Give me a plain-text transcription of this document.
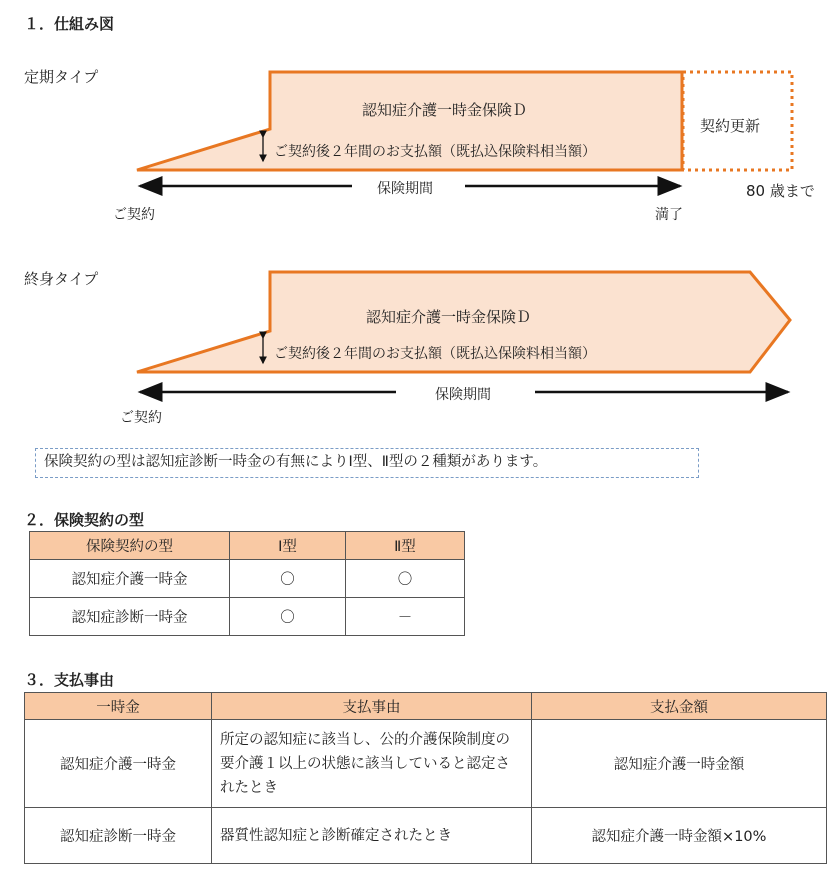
１．仕組み図
定期タイプ
認知症介護一時金保険Ｄ
ご契約後２年間のお支払額（既払込保険料相当額）
契約更新
80 歳まで
保険期間
ご契約	満了
終身タイプ
認知症介護一時金保険Ｄ
ご契約後２年間のお支払額（既払込保険料相当額）
保険期間
ご契約
保険契約の型は認知症診断一時金の有無によりⅠ型、Ⅱ型の２種類があります。
２．保険契約の型
保険契約の型	Ⅰ型	Ⅱ型
認知症介護一時金	〇	〇
認知症診断一時金	〇	－
３．支払事由
一時金	支払事由	支払金額
認知症介護一時金	所定の認知症に該当し、公的介護保険制度の要介護１以上の状態に該当していると認定されたとき	認知症介護一時金額
認知症診断一時金	器質性認知症と診断確定されたとき	認知症介護一時金額×10%
